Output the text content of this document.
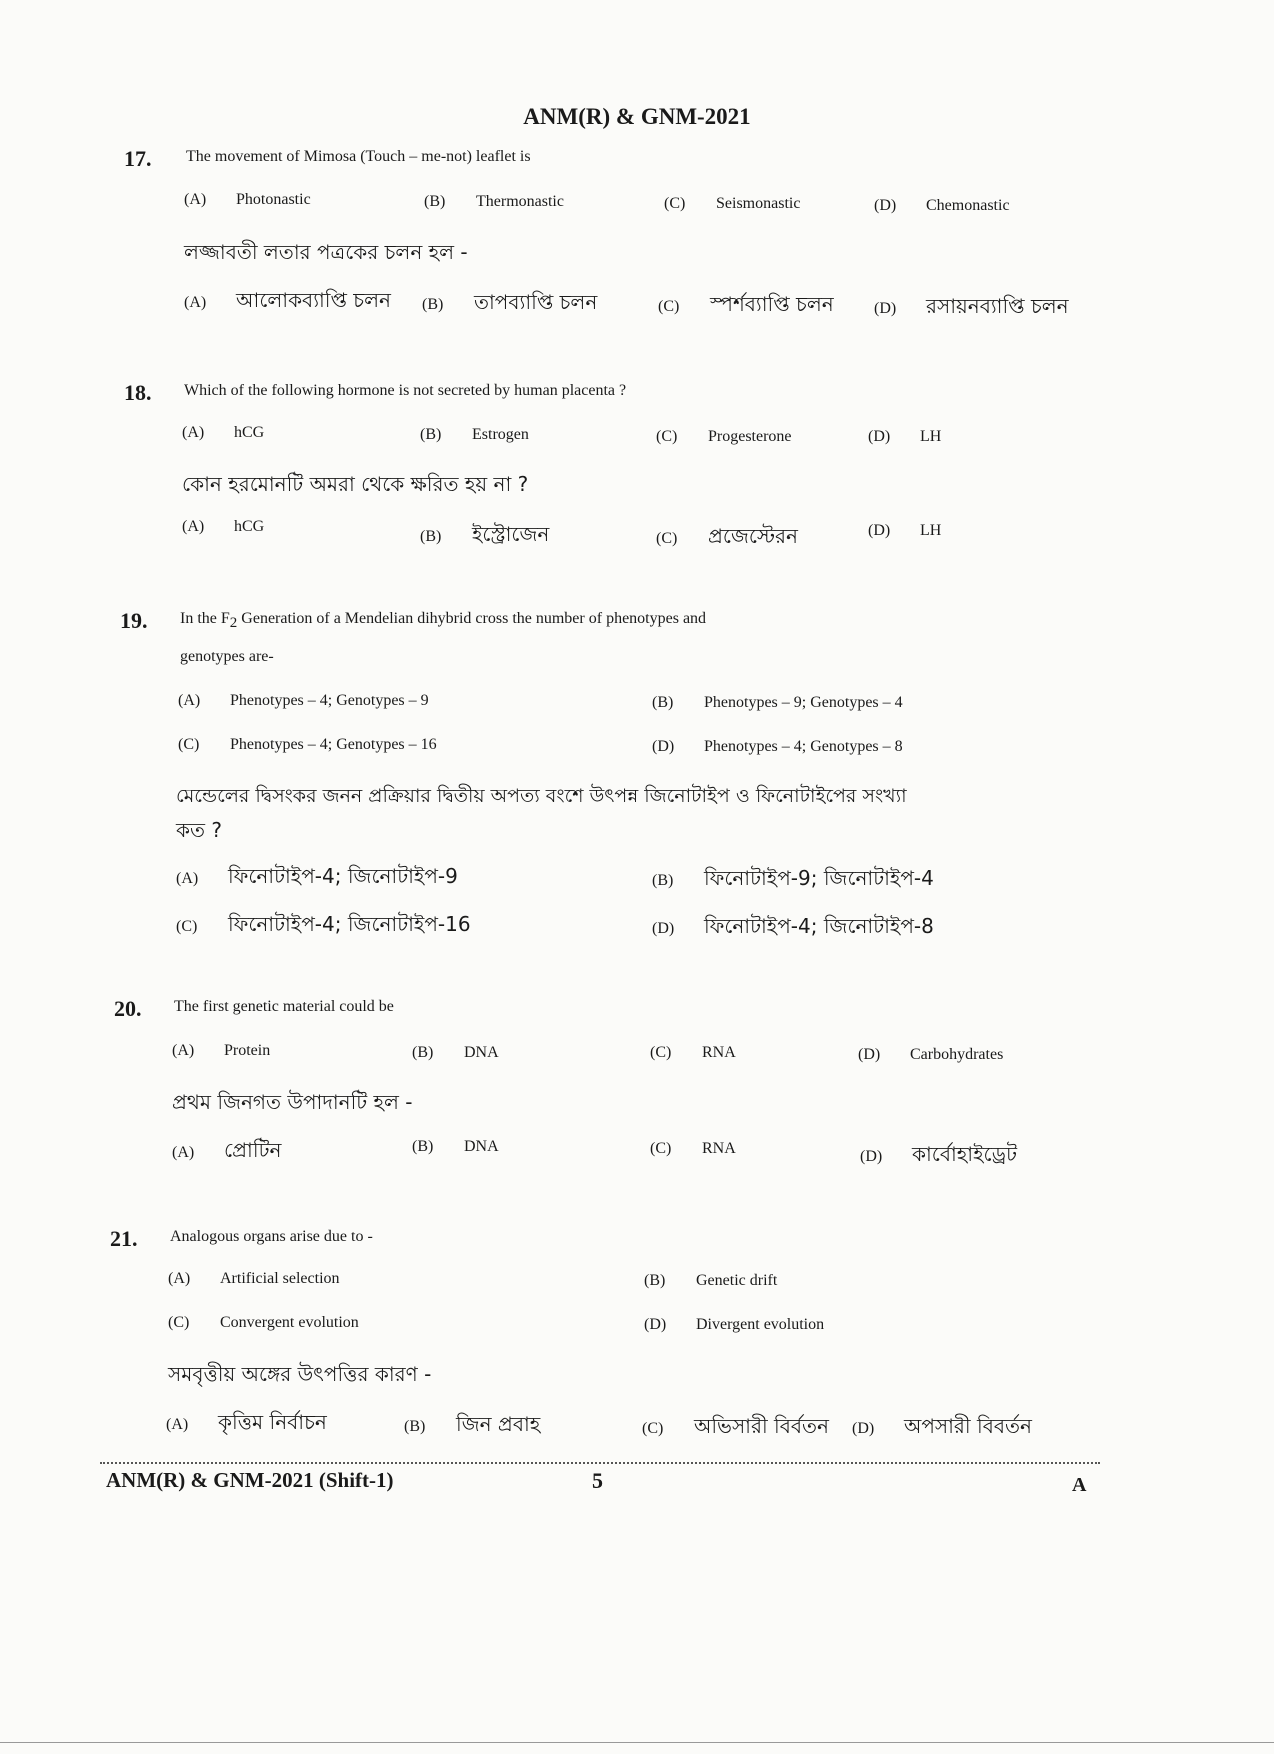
ANM(R) & GNM-2021
17. The movement of Mimosa (Touch – me-not) leaflet is
(A) Photonastic	(B) Thermonastic	(C) Seismonastic	(D) Chemonastic
লজ্জাবতী লতার পত্রকের চলন হল -
(A) আলোকব্যাপ্তি চলন (B) তাপব্যাপ্তি চলন	(C) স্পর্শব্যাপ্তি চলন	(D) রসায়নব্যাপ্তি চলন
18. Which of the following hormone is not secreted by human placenta ?
(A) hCG	(B) Estrogen	(C) Progesterone	(D) LH
কোন হরমোনটি অমরা থেকে ক্ষরিত হয় না ?
(A) hCG
(B) ইস্ট্রোজেন	(C) প্রজেস্টেরন	(D) LH
19. In the $F_2$ Generation of a Mendelian dihybrid cross the number of phenotypes and
genotypes are-
(A) Phenotypes – 4; Genotypes – 9	(B) Phenotypes – 9; Genotypes – 4
(C) Phenotypes – 4; Genotypes – 16	(D) Phenotypes – 4; Genotypes – 8
মেন্ডেলের দ্বিসংকর জনন প্রক্রিয়ার দ্বিতীয় অপত্য বংশে উৎপন্ন জিনোটাইপ ও ফিনোটাইপের সংখ্যা
কত ?
(A) ফিনোটাইপ-4; জিনোটাইপ-9	(B) ফিনোটাইপ-9; জিনোটাইপ-4
(C) ফিনোটাইপ-4; জিনোটাইপ-16	(D) ফিনোটাইপ-4; জিনোটাইপ-8
20. The first genetic material could be
(A) Protein	(B) DNA	(C) RNA	(D) Carbohydrates
প্রথম জিনগত উপাদানটি হল -
(A) প্রোটিন	(B) DNA	(C) RNA	(D) কার্বোহাইড্রেট
21. Analogous organs arise due to -
(A) Artificial selection	(B) Genetic drift
(C) Convergent evolution	(D) Divergent evolution
সমবৃত্তীয় অঙ্গের উৎপত্তির কারণ -
(A) কৃত্তিম নির্বাচন	(B) জিন প্রবাহ	(C) অভিসারী বির্বতন (D) অপসারী বিবর্তন
ANM(R) & GNM-2021 (Shift-1)	5	A
